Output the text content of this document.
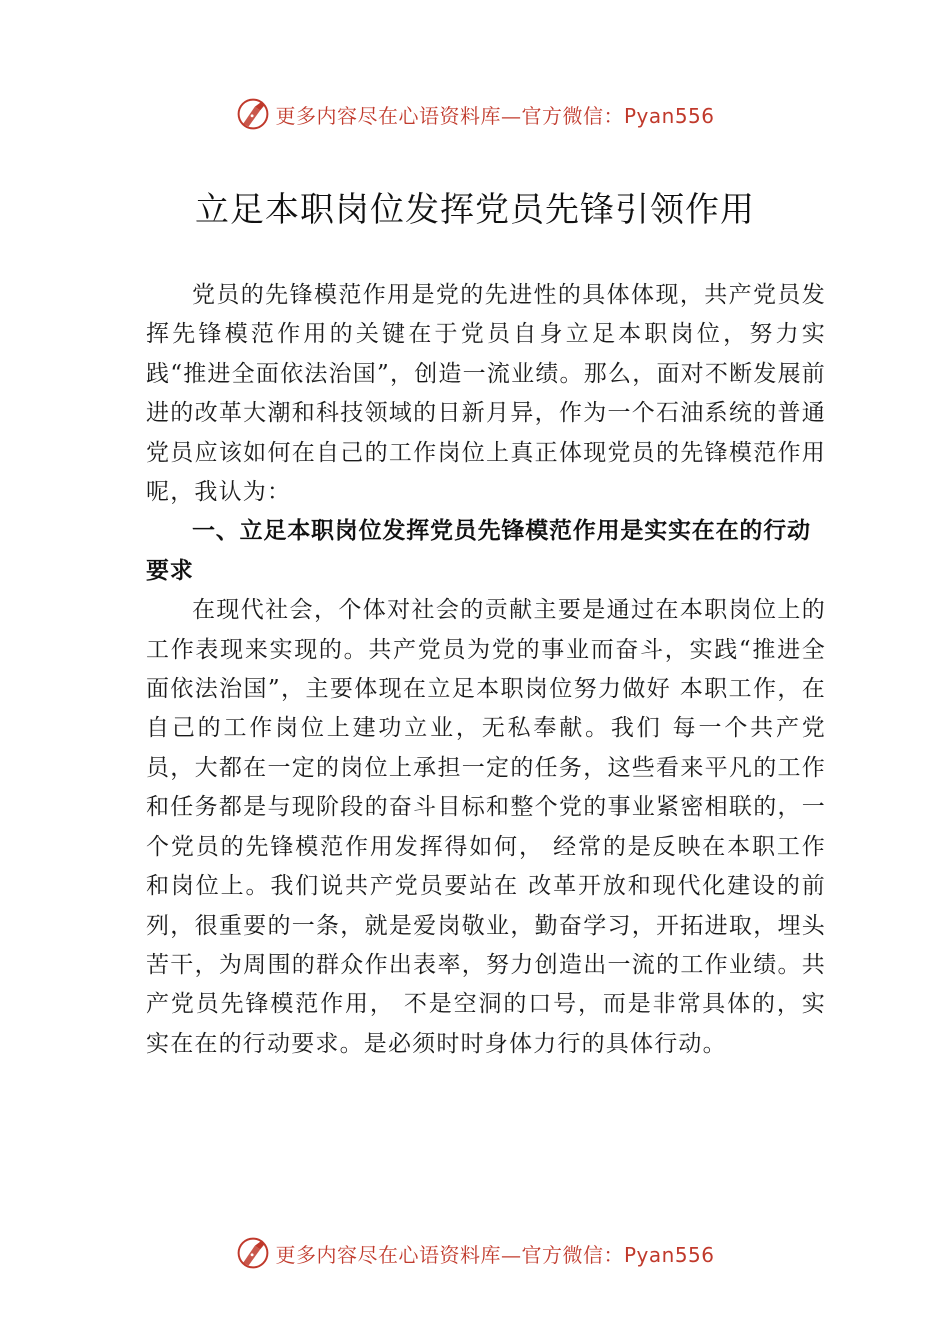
更多内容尽在心语资料库—官方微信：Pyan556
立足本职岗位发挥党员先锋引领作用

党员的先锋模范作用是党的先进性的具体体现，共产党员发挥先锋模范作用的关键在于党员自身立足本职岗位，努力实践“推进全面依法治国”，创造一流业绩。那么，面对不断发展前进的改革大潮和科技领域的日新月异，作为一个石油系统的普通党员应该如何在自己的工作岗位上真正体现党员的先锋模范作用呢，我认为：

一、立足本职岗位发挥党员先锋模范作用是实实在在的行动要求

在现代社会，个体对社会的贡献主要是通过在本职岗位上的工作表现来实现的。共产党员为党的事业而奋斗，实践“推进全面依法治国”，主要体现在立足本职岗位努力做好 本职工作，在自己的工作岗位上建功立业，无私奉献。我们 每一个共产党员，大都在一定的岗位上承担一定的任务，这些看来平凡的工作和任务都是与现阶段的奋斗目标和整个党的事业紧密相联的，一个党员的先锋模范作用发挥得如何， 经常的是反映在本职工作和岗位上。我们说共产党员要站在 改革开放和现代化建设的前列，很重要的一条，就是爱岗敬业，勤奋学习，开拓进取，埋头苦干，为周围的群众作出表率，努力创造出一流的工作业绩。共产党员先锋模范作用， 不是空洞的口号，而是非常具体的，实实在在的行动要求。是必须时时身体力行的具体行动。

更多内容尽在心语资料库—官方微信：Pyan556
